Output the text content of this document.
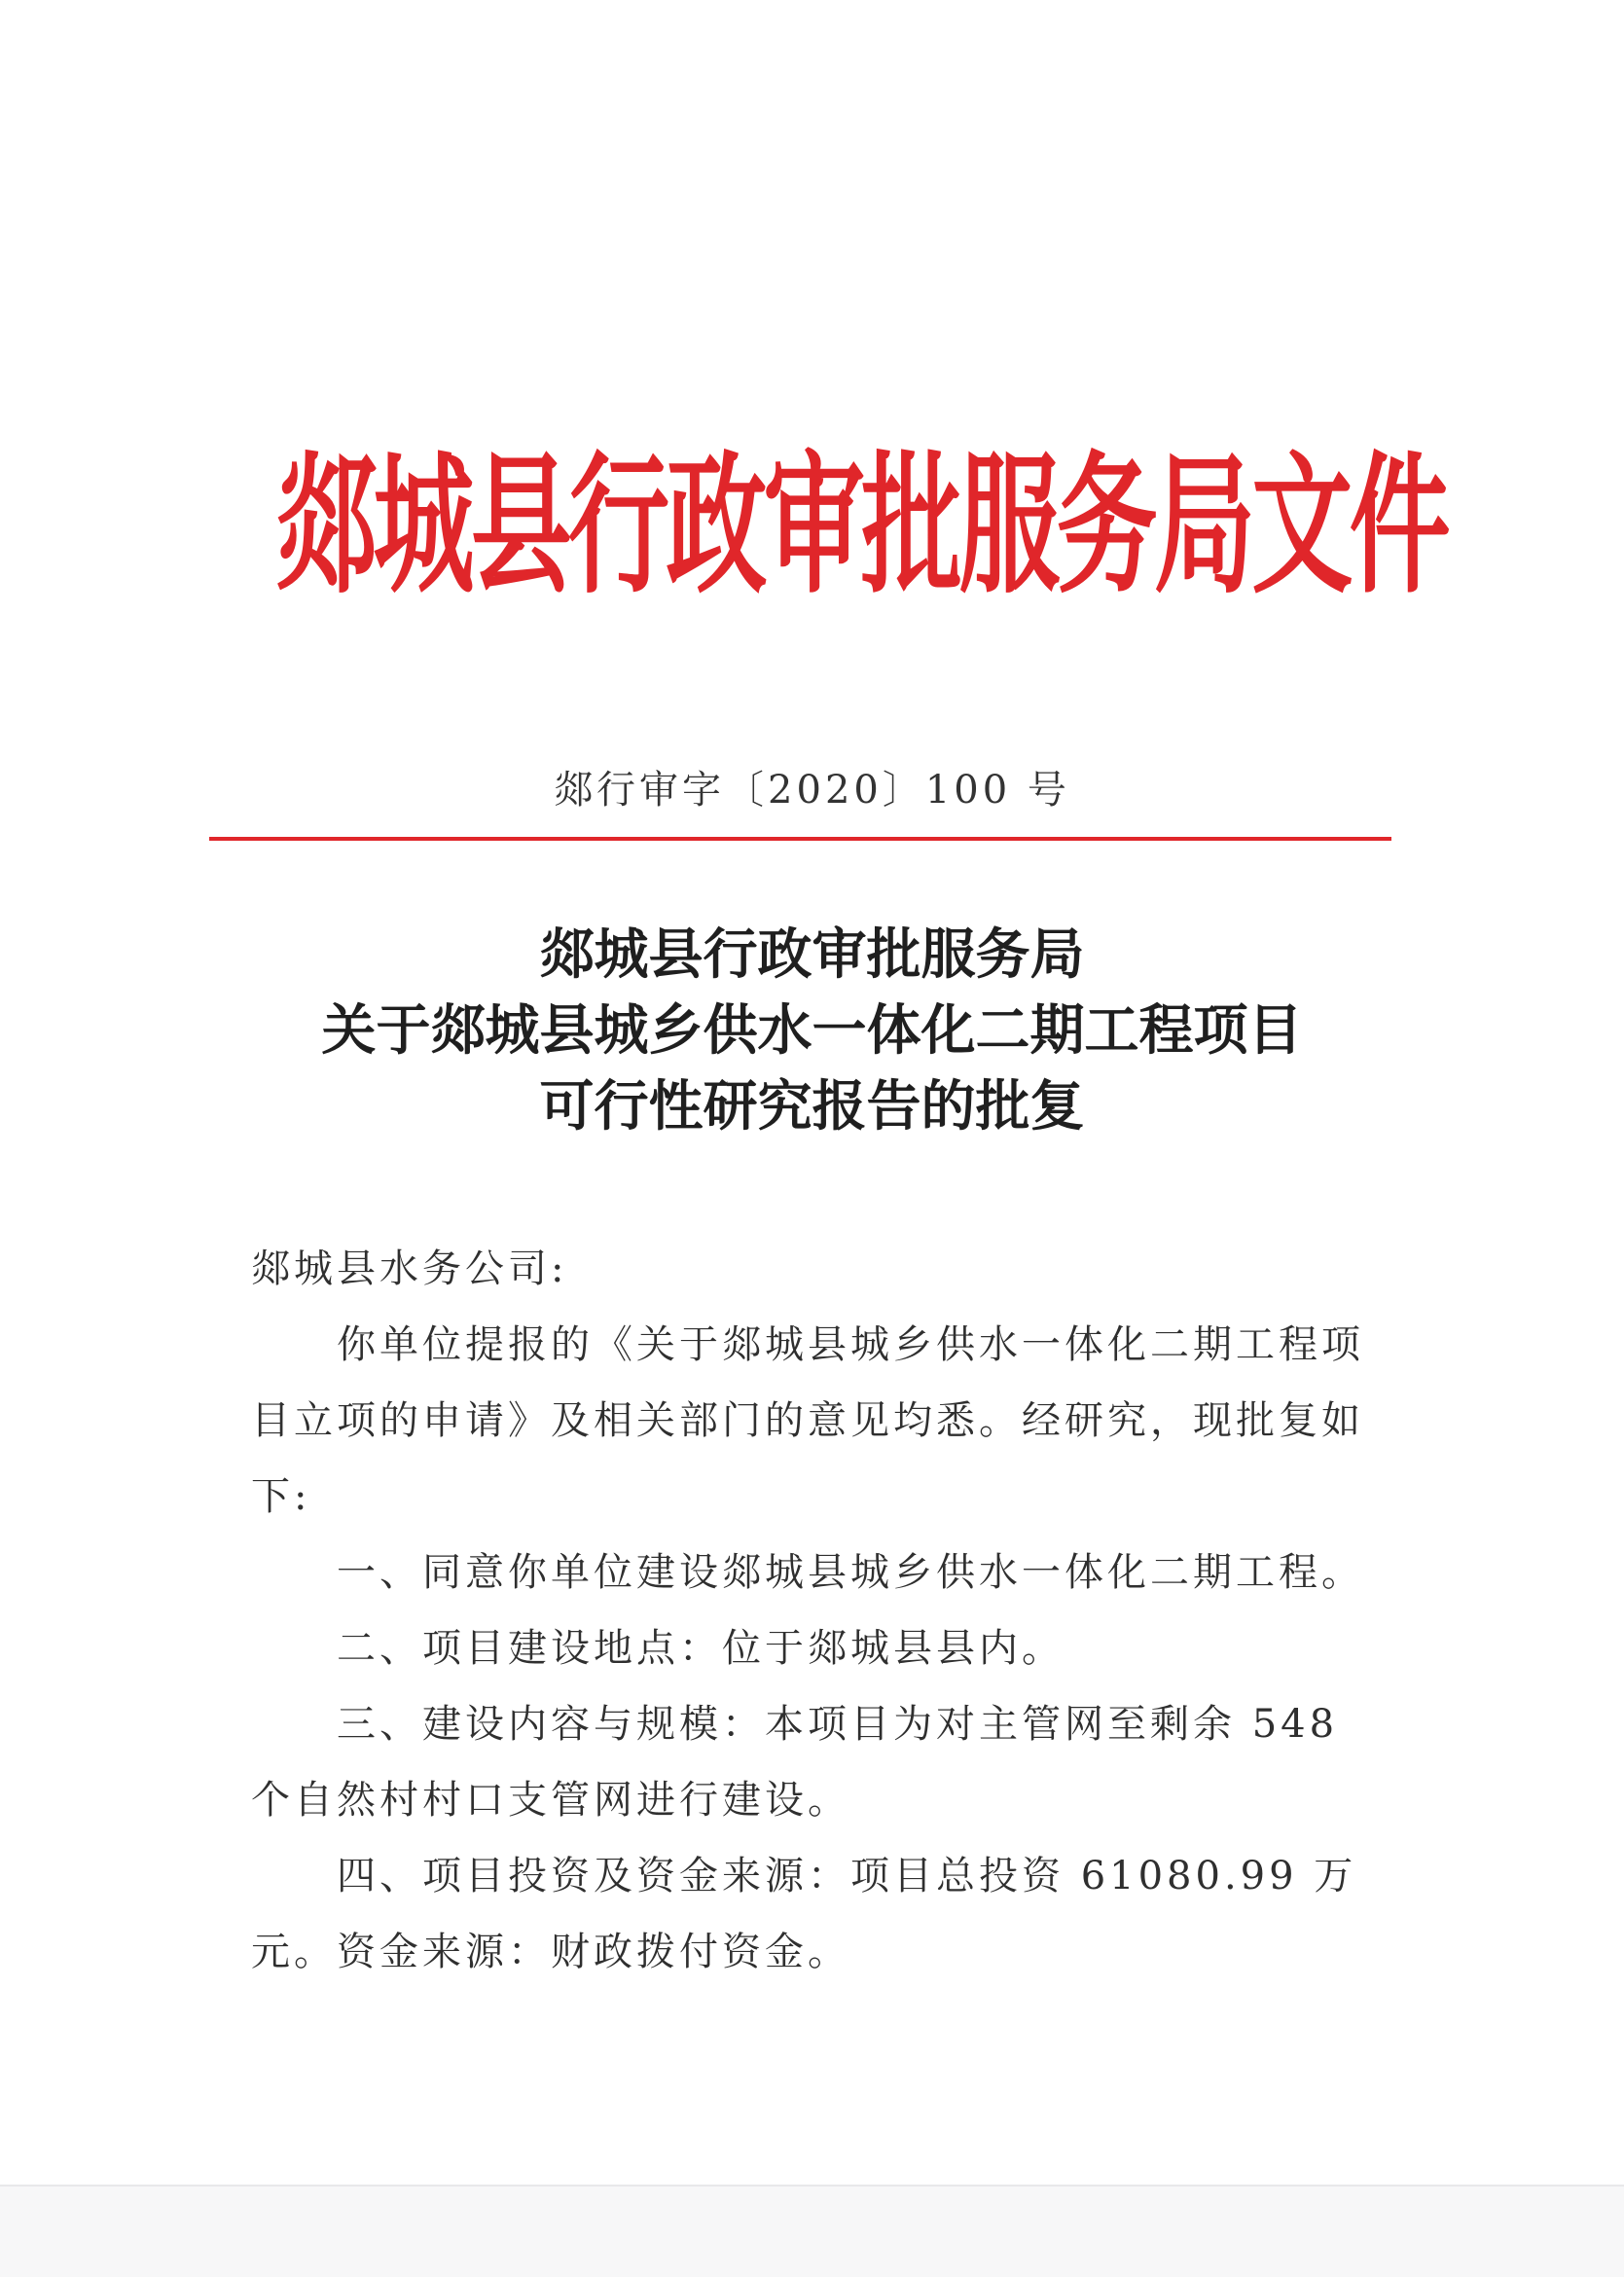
郯城县行政审批服务局文件
郯行审字〔2020〕100 号
郯城县行政审批服务局
关于郯城县城乡供水一体化二期工程项目
可行性研究报告的批复

郯城县水务公司:

你单位提报的《关于郯城县城乡供水一体化二期工程项目立项的申请》及相关部门的意见均悉。经研究，现批复如下:

一、同意你单位建设郯城县城乡供水一体化二期工程。

二、项目建设地点：位于郯城县县内。

三、建设内容与规模：本项目为对主管网至剩余 548 个自然村村口支管网进行建设。

四、项目投资及资金来源：项目总投资 61080.99 万元。资金来源：财政拨付资金。
